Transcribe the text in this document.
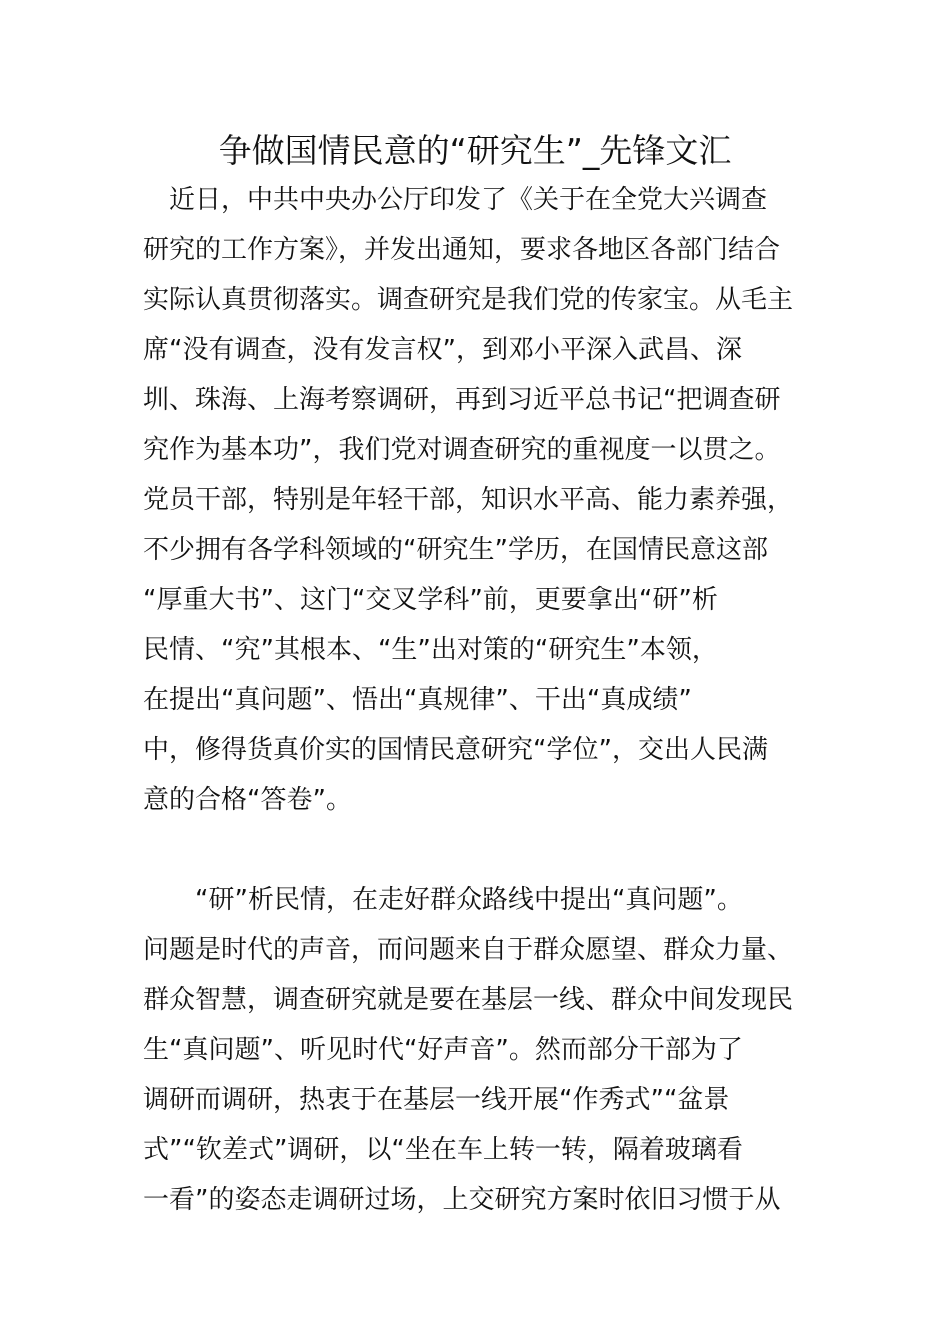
争做国情民意的“研究生”_先锋文汇
　近日，中共中央办公厅印发了《关于在全党大兴调查
研究的工作方案》，并发出通知，要求各地区各部门结合
实际认真贯彻落实。调查研究是我们党的传家宝。从毛主
席“没有调查，没有发言权”，到邓小平深入武昌、深
圳、珠海、上海考察调研，再到习近平总书记“把调查研
究作为基本功”，我们党对调查研究的重视度一以贯之。
党员干部，特别是年轻干部，知识水平高、能力素养强，
不少拥有各学科领域的“研究生”学历，在国情民意这部
“厚重大书”、这门“交叉学科”前，更要拿出“研”析
民情、“究”其根本、“生”出对策的“研究生”本领，
在提出“真问题”、悟出“真规律”、干出“真成绩”
中，修得货真价实的国情民意研究“学位”，交出人民满
意的合格“答卷”。
　　“研”析民情，在走好群众路线中提出“真问题”。
问题是时代的声音，而问题来自于群众愿望、群众力量、
群众智慧，调查研究就是要在基层一线、群众中间发现民
生“真问题”、听见时代“好声音”。然而部分干部为了
调研而调研，热衷于在基层一线开展“作秀式”“盆景
式”“钦差式”调研，以“坐在车上转一转，隔着玻璃看
一看”的姿态走调研过场，上交研究方案时依旧习惯于从
